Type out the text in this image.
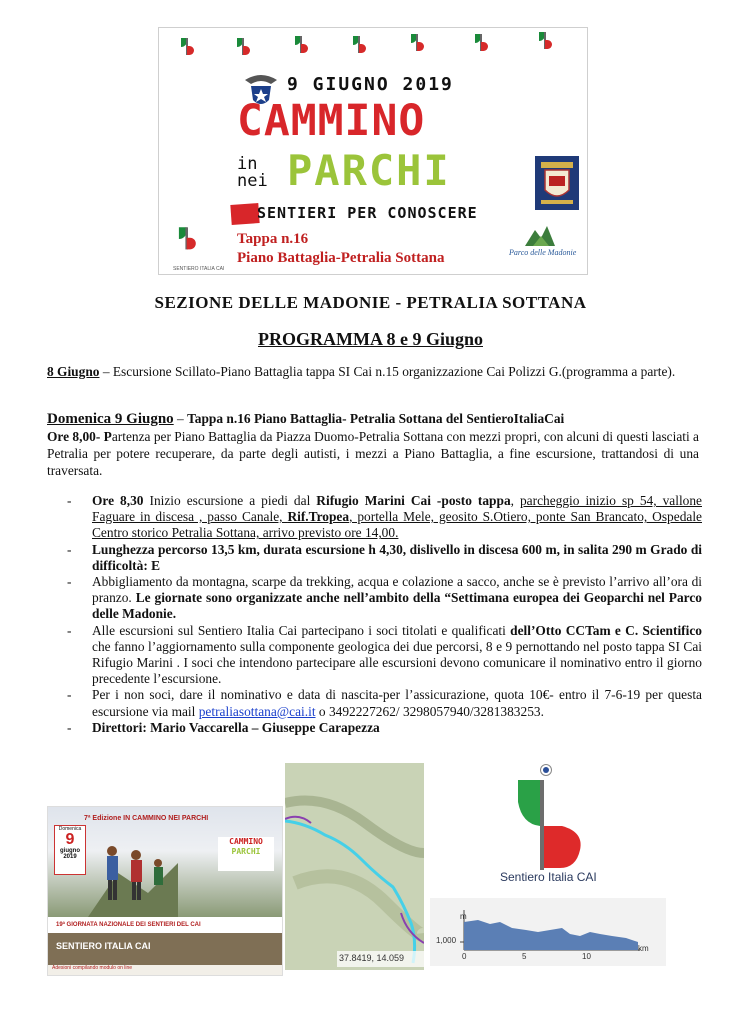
9 GIUGNO 2019
CAMMINO
in
nei PARCHI
SENTIERI PER CONOSCERE
SENTIERO ITALIA CAI
Tappa n.16
Piano Battaglia-Petralia Sottana	Parco delle Madonie
SEZIONE DELLE MADONIE - PETRALIA SOTTANA
PROGRAMMA 8 e 9 Giugno

8 Giugno – Escursione Scillato-Piano Battaglia tappa SI Cai n.15 organizzazione Cai Polizzi G.(programma a parte).

Domenica 9 Giugno – Tappa n.16 Piano Battaglia- Petralia Sottana del SentieroItaliaCai
Ore 8,00- Partenza per Piano Battaglia da Piazza Duomo-Petralia Sottana con mezzi propri, con alcuni di questi lasciati a Petralia per potere recuperare, da parte degli autisti, i mezzi a Piano Battaglia, a fine escursione, trattandosi di una traversata.

- Ore 8,30 Inizio escursione a piedi dal Rifugio Marini Cai -posto tappa, parcheggio inizio sp 54, vallone Faguare in discesa , passo Canale, Rif.Tropea, portella Mele, geosito S.Otiero, ponte San Brancato, Ospedale Centro storico Petralia Sottana, arrivo previsto ore 14,00.
- Lunghezza percorso 13,5 km, durata escursione h 4,30, dislivello in discesa 600 m, in salita 290 m Grado di difficoltà: E
- Abbigliamento da montagna, scarpe da trekking, acqua e colazione a sacco, anche se è previsto l’arrivo all’ora di pranzo. Le giornate sono organizzate anche nell’ambito della “Settimana europea dei Geoparchi nel Parco delle Madonie.
- Alle escursioni sul Sentiero Italia Cai partecipano i soci titolati e qualificati dell’Otto CCTam e C. Scientifico che fanno l’aggiornamento sulla componente geologica dei due percorsi, 8 e 9 pernottando nel posto tappa SI Cai Rifugio Marini . I soci che intendono partecipare alle escursioni devono comunicare il nominativo entro il giorno precedente l’escursione.
- Per i non soci, dare il nominativo e data di nascita-per l’assicurazione, quota 10€- entro il 7-6-19 per questa escursione via mail petraliasottana@cai.it o 3492227262/ 3298057940/3281383253.
- Direttori: Mario Vaccarella – Giuseppe Carapezza
7ª Edizione IN CAMMINO NEI PARCHI
Domenica
9
giugno
2019
CAMMINO
PARCHI
19ª GIORNATA NAZIONALE DEI SENTIERI DEL CAI
SENTIERO ITALIA CAI
Adesioni compilando modulo on line
37.8419, 14.059
Sentiero Italia CAI
m
1,000
0	5	10
km
